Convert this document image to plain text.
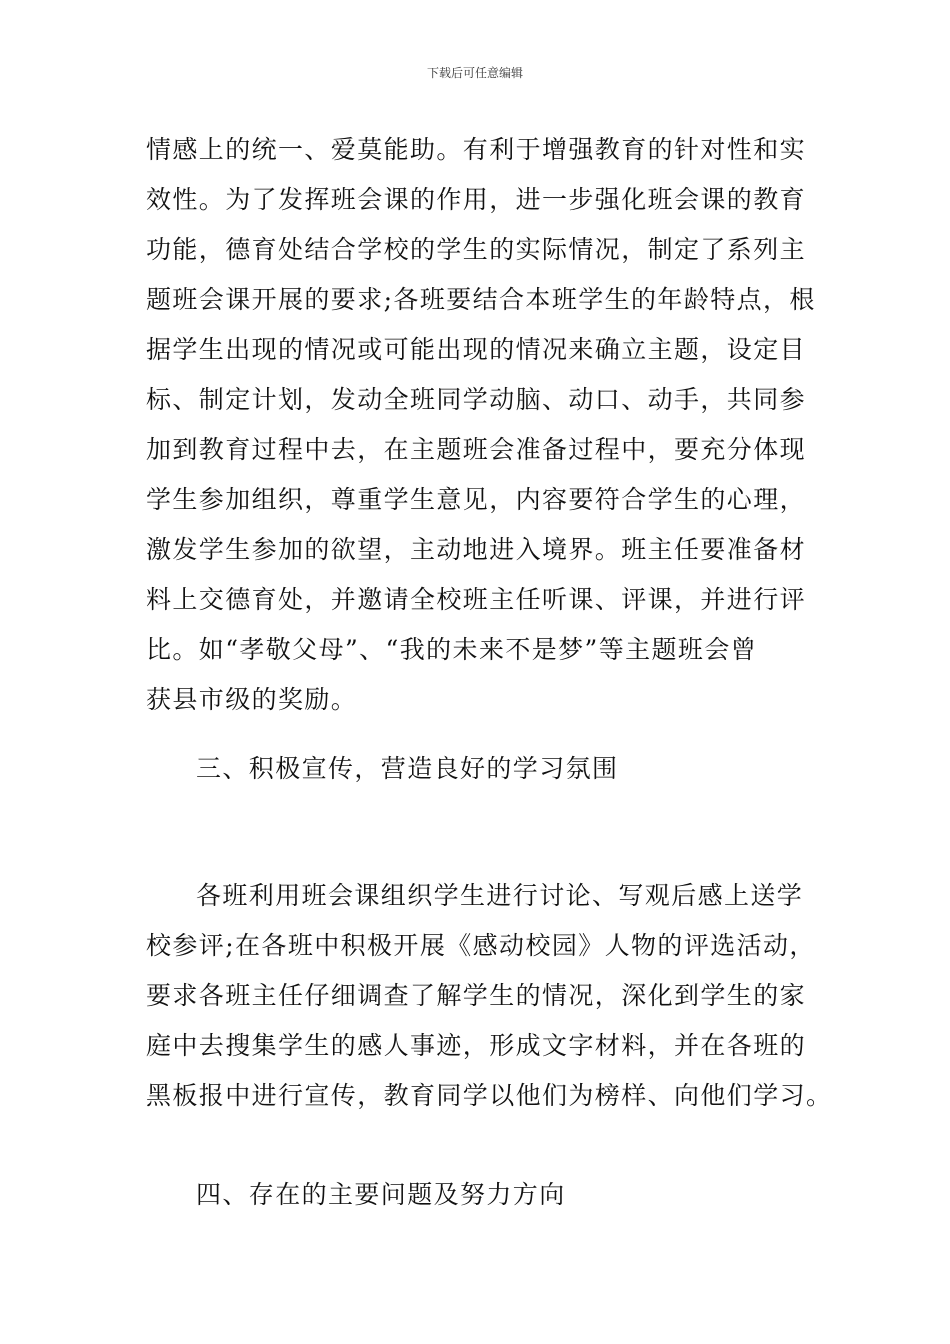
下载后可任意编辑
情感上的统一、爱莫能助。有利于增强教育的针对性和实
效性。为了发挥班会课的作用，进一步强化班会课的教育
功能，德育处结合学校的学生的实际情况，制定了系列主
题班会课开展的要求;各班要结合本班学生的年龄特点，根
据学生出现的情况或可能出现的情况来确立主题，设定目
标、制定计划，发动全班同学动脑、动口、动手，共同参
加到教育过程中去，在主题班会准备过程中，要充分体现
学生参加组织，尊重学生意见，内容要符合学生的心理，
激发学生参加的欲望，主动地进入境界。班主任要准备材
料上交德育处，并邀请全校班主任听课、评课，并进行评
比。如“孝敬父母”、“我的未来不是梦”等主题班会曾
获县市级的奖励。
三、积极宣传，营造良好的学习氛围
各班利用班会课组织学生进行讨论、写观后感上送学
校参评;在各班中积极开展《感动校园》人物的评选活动，
要求各班主任仔细调查了解学生的情况，深化到学生的家
庭中去搜集学生的感人事迹，形成文字材料，并在各班的
黑板报中进行宣传，教育同学以他们为榜样、向他们学习。
四、存在的主要问题及努力方向
